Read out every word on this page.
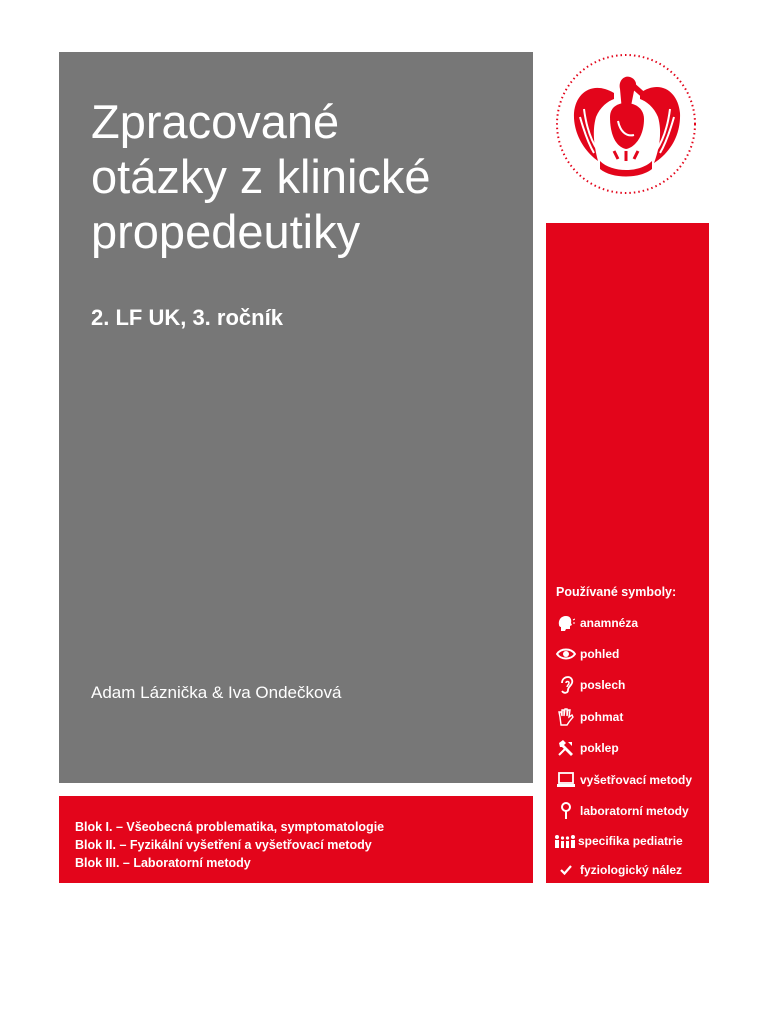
Zpracované
otázky z klinické
propedeutiky

2. LF UK, 3. ročník

Adam Láznička & Iva Ondečková

Blok I. – Všeobecná problematika, symptomatologie
Blok II. – Fyzikální vyšetření a vyšetřovací metody
Blok III. – Laboratorní metody
Používané symboly:
anamnéza
pohled
poslech
pohmat
poklep
vyšetřovací metody
laboratorní metody
specifika pediatrie
fyziologický nález
